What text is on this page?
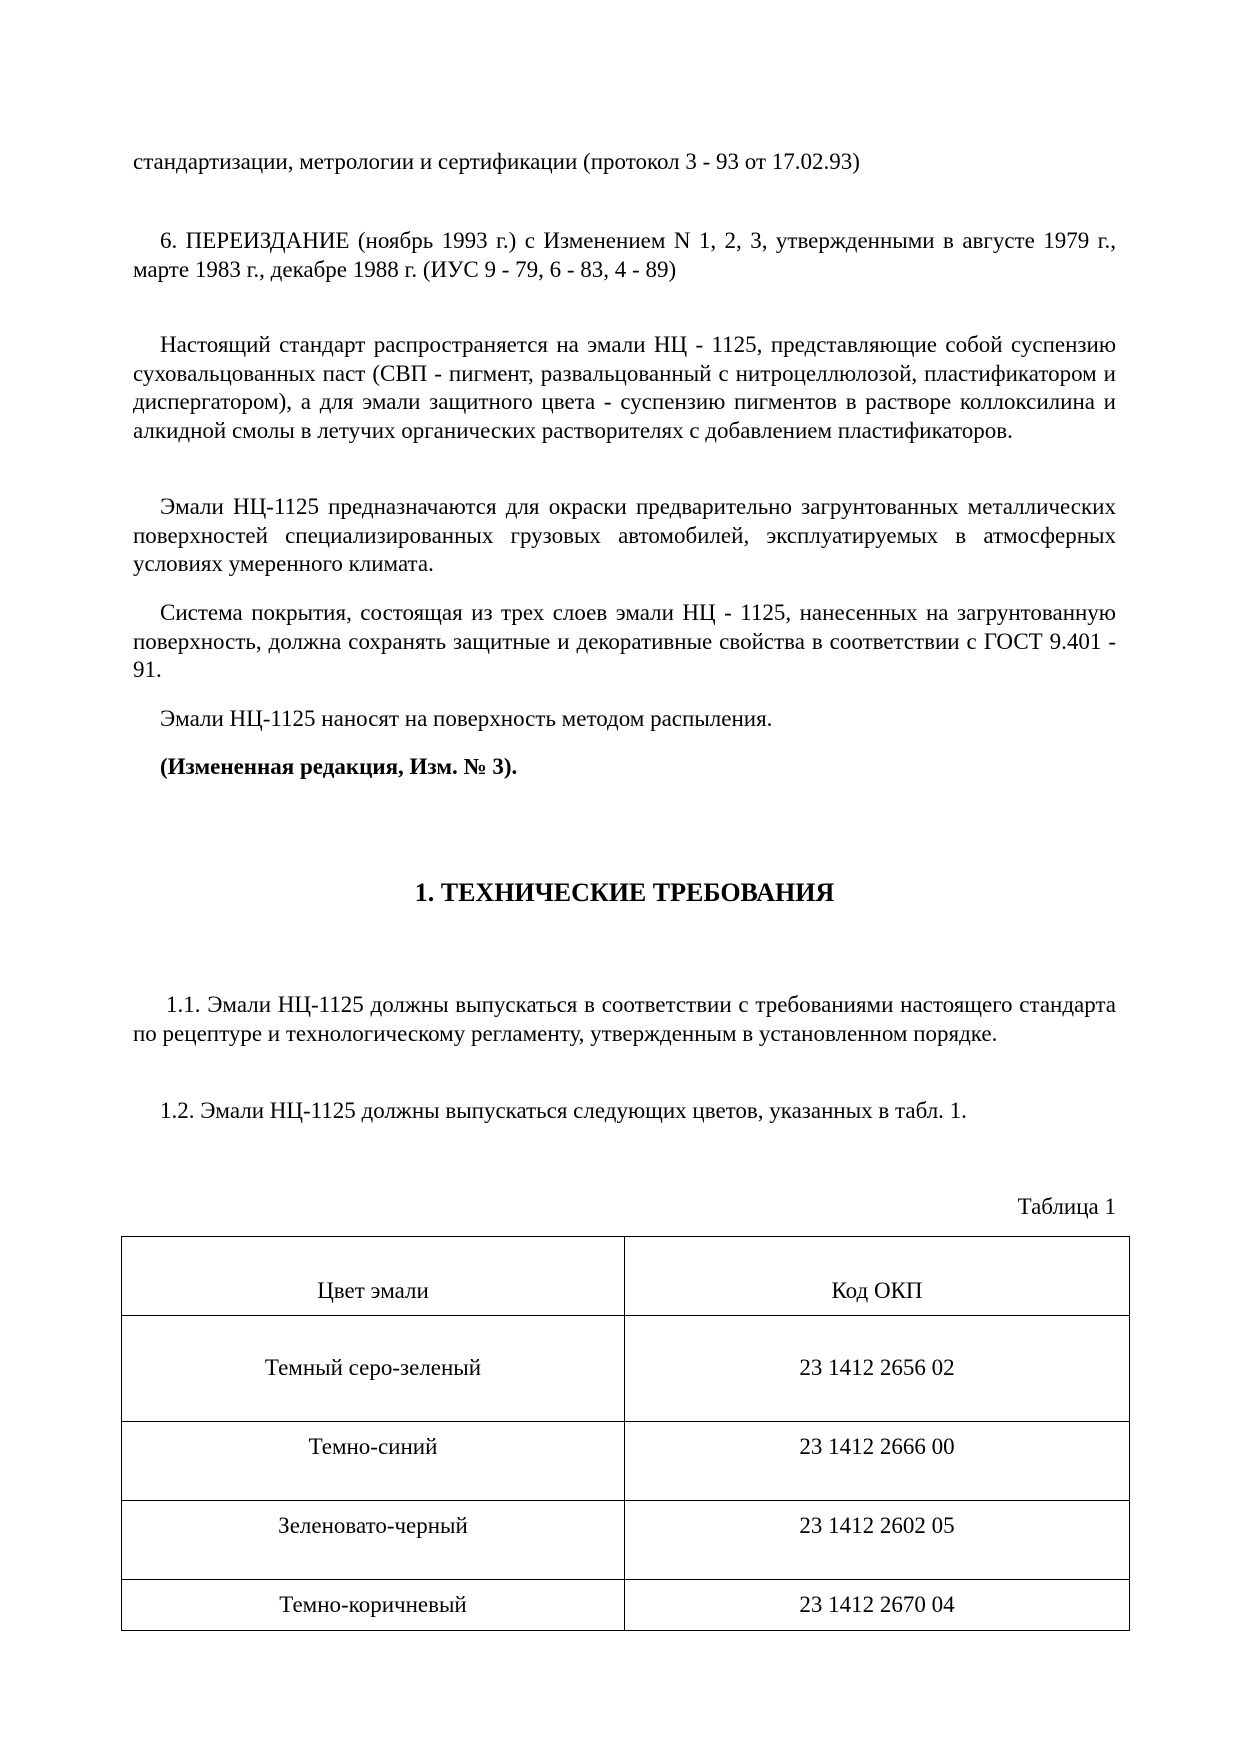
стандартизации, метрологии и сертификации (протокол 3 - 93 от 17.02.93)

6. ПЕРЕИЗДАНИЕ (ноябрь 1993 г.) с Изменением N 1, 2, 3, утвержденными в августе 1979 г., марте 1983 г., декабре 1988 г. (ИУС 9 - 79, 6 - 83, 4 - 89)

Настоящий стандарт распространяется на эмали НЦ - 1125, представляющие собой суспензию суховальцованных паст (СВП - пигмент, развальцованный с нитроцеллюлозой, пластификатором и диспергатором), а для эмали защитного цвета - суспензию пигментов в растворе коллоксилина и алкидной смолы в летучих органических растворителях с добавлением пластификаторов.

Эмали НЦ-1125 предназначаются для окраски предварительно загрунтованных металлических поверхностей специализированных грузовых автомобилей, эксплуатируемых в атмосферных условиях умеренного климата.

Система покрытия, состоящая из трех слоев эмали НЦ - 1125, нанесенных на загрунтованную поверхность, должна сохранять защитные и декоративные свойства в соответствии с ГОСТ 9.401 - 91.

Эмали НЦ-1125 наносят на поверхность методом распыления.

(Измененная редакция, Изм. № 3).

1. ТЕХНИЧЕСКИЕ ТРЕБОВАНИЯ

1.1. Эмали НЦ-1125 должны выпускаться в соответствии с требованиями настоящего стандарта по рецептуре и технологическому регламенту, утвержденным в установленном порядке.

1.2. Эмали НЦ-1125 должны выпускаться следующих цветов, указанных в табл. 1.

Таблица 1

Цвет эмали	Код ОКП
Темный серо-зеленый	23 1412 2656 02
Темно-синий	23 1412 2666 00
Зеленовато-черный	23 1412 2602 05
Темно-коричневый	23 1412 2670 04
